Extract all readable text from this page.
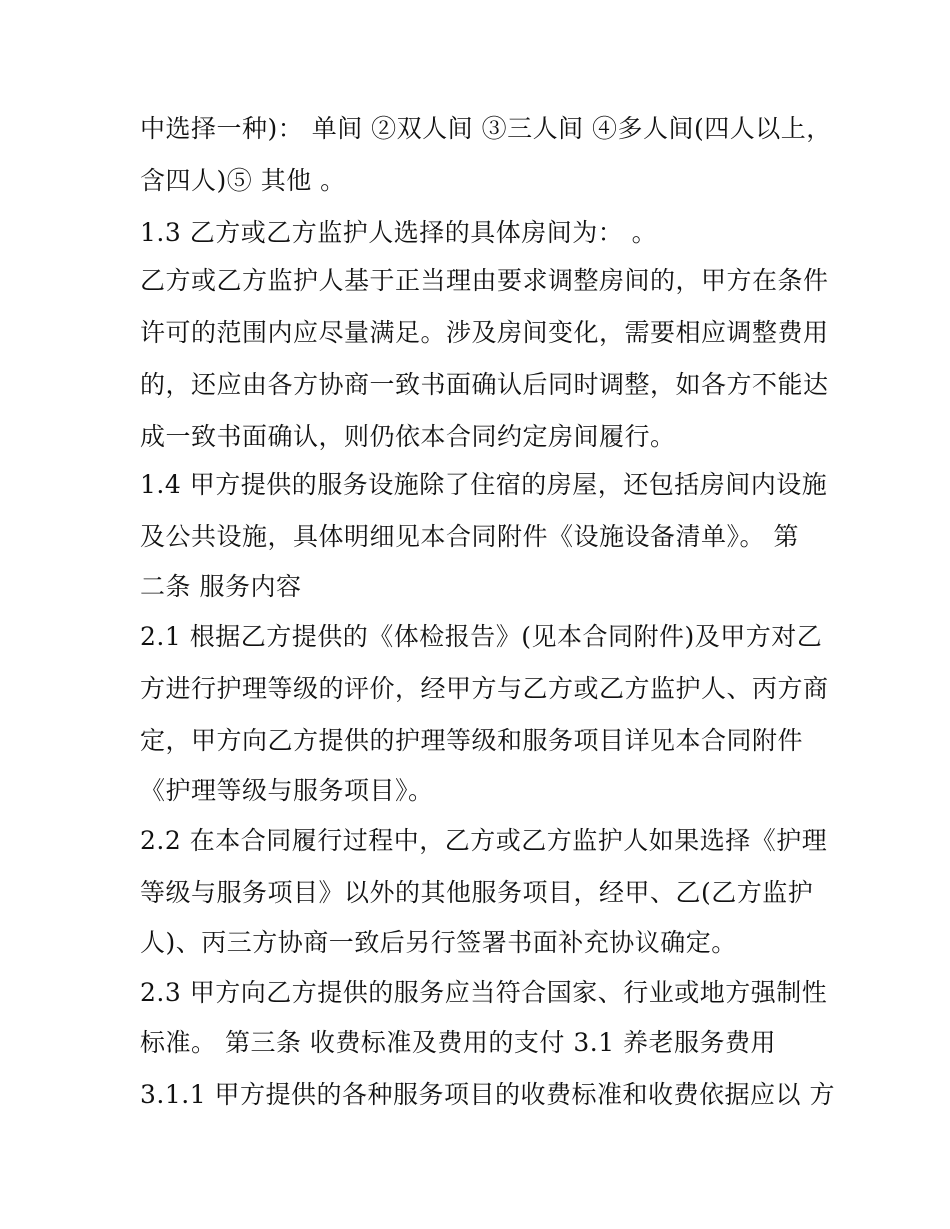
中选择一种)： 单间 ②双人间 ③三人间 ④多人间(四人以上，
含四人)⑤ 其他 。
1.3 乙方或乙方监护人选择的具体房间为： 。
乙方或乙方监护人基于正当理由要求调整房间的，甲方在条件
许可的范围内应尽量满足。涉及房间变化，需要相应调整费用
的，还应由各方协商一致书面确认后同时调整，如各方不能达
成一致书面确认，则仍依本合同约定房间履行。
1.4 甲方提供的服务设施除了住宿的房屋，还包括房间内设施
及公共设施，具体明细见本合同附件《设施设备清单》。 第
二条 服务内容
2.1 根据乙方提供的《体检报告》(见本合同附件)及甲方对乙
方进行护理等级的评价，经甲方与乙方或乙方监护人、丙方商
定，甲方向乙方提供的护理等级和服务项目详见本合同附件
《护理等级与服务项目》。
2.2 在本合同履行过程中，乙方或乙方监护人如果选择《护理
等级与服务项目》以外的其他服务项目，经甲、乙(乙方监护
人)、丙三方协商一致后另行签署书面补充协议确定。
2.3 甲方向乙方提供的服务应当符合国家、行业或地方强制性
标准。 第三条 收费标准及费用的支付 3.1 养老服务费用
3.1.1 甲方提供的各种服务项目的收费标准和收费依据应以 方
